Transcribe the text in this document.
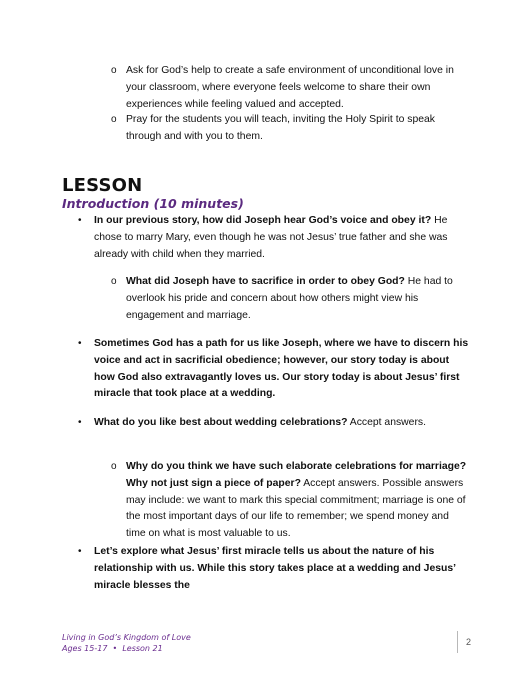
o Ask for God’s help to create a safe environment of unconditional love in your classroom, where everyone feels welcome to share their own experiences while feeling valued and accepted.
o Pray for the students you will teach, inviting the Holy Spirit to speak through and with you to them.
LESSON
Introduction (10 minutes)
• In our previous story, how did Joseph hear God’s voice and obey it? He chose to marry Mary, even though he was not Jesus’ true father and she was already with child when they married.
o What did Joseph have to sacrifice in order to obey God? He had to overlook his pride and concern about how others might view his engagement and marriage.
• Sometimes God has a path for us like Joseph, where we have to discern his voice and act in sacrificial obedience; however, our story today is about how God also extravagantly loves us. Our story today is about Jesus’ first miracle that took place at a wedding.
• What do you like best about wedding celebrations? Accept answers.
o Why do you think we have such elaborate celebrations for marriage? Why not just sign a piece of paper? Accept answers. Possible answers may include: we want to mark this special commitment; marriage is one of the most important days of our life to remember; we spend money and time on what is most valuable to us.
• Let’s explore what Jesus’ first miracle tells us about the nature of his relationship with us. While this story takes place at a wedding and Jesus’ miracle blesses the
Living in God’s Kingdom of Love
Ages 15-17  •  Lesson 21
2
